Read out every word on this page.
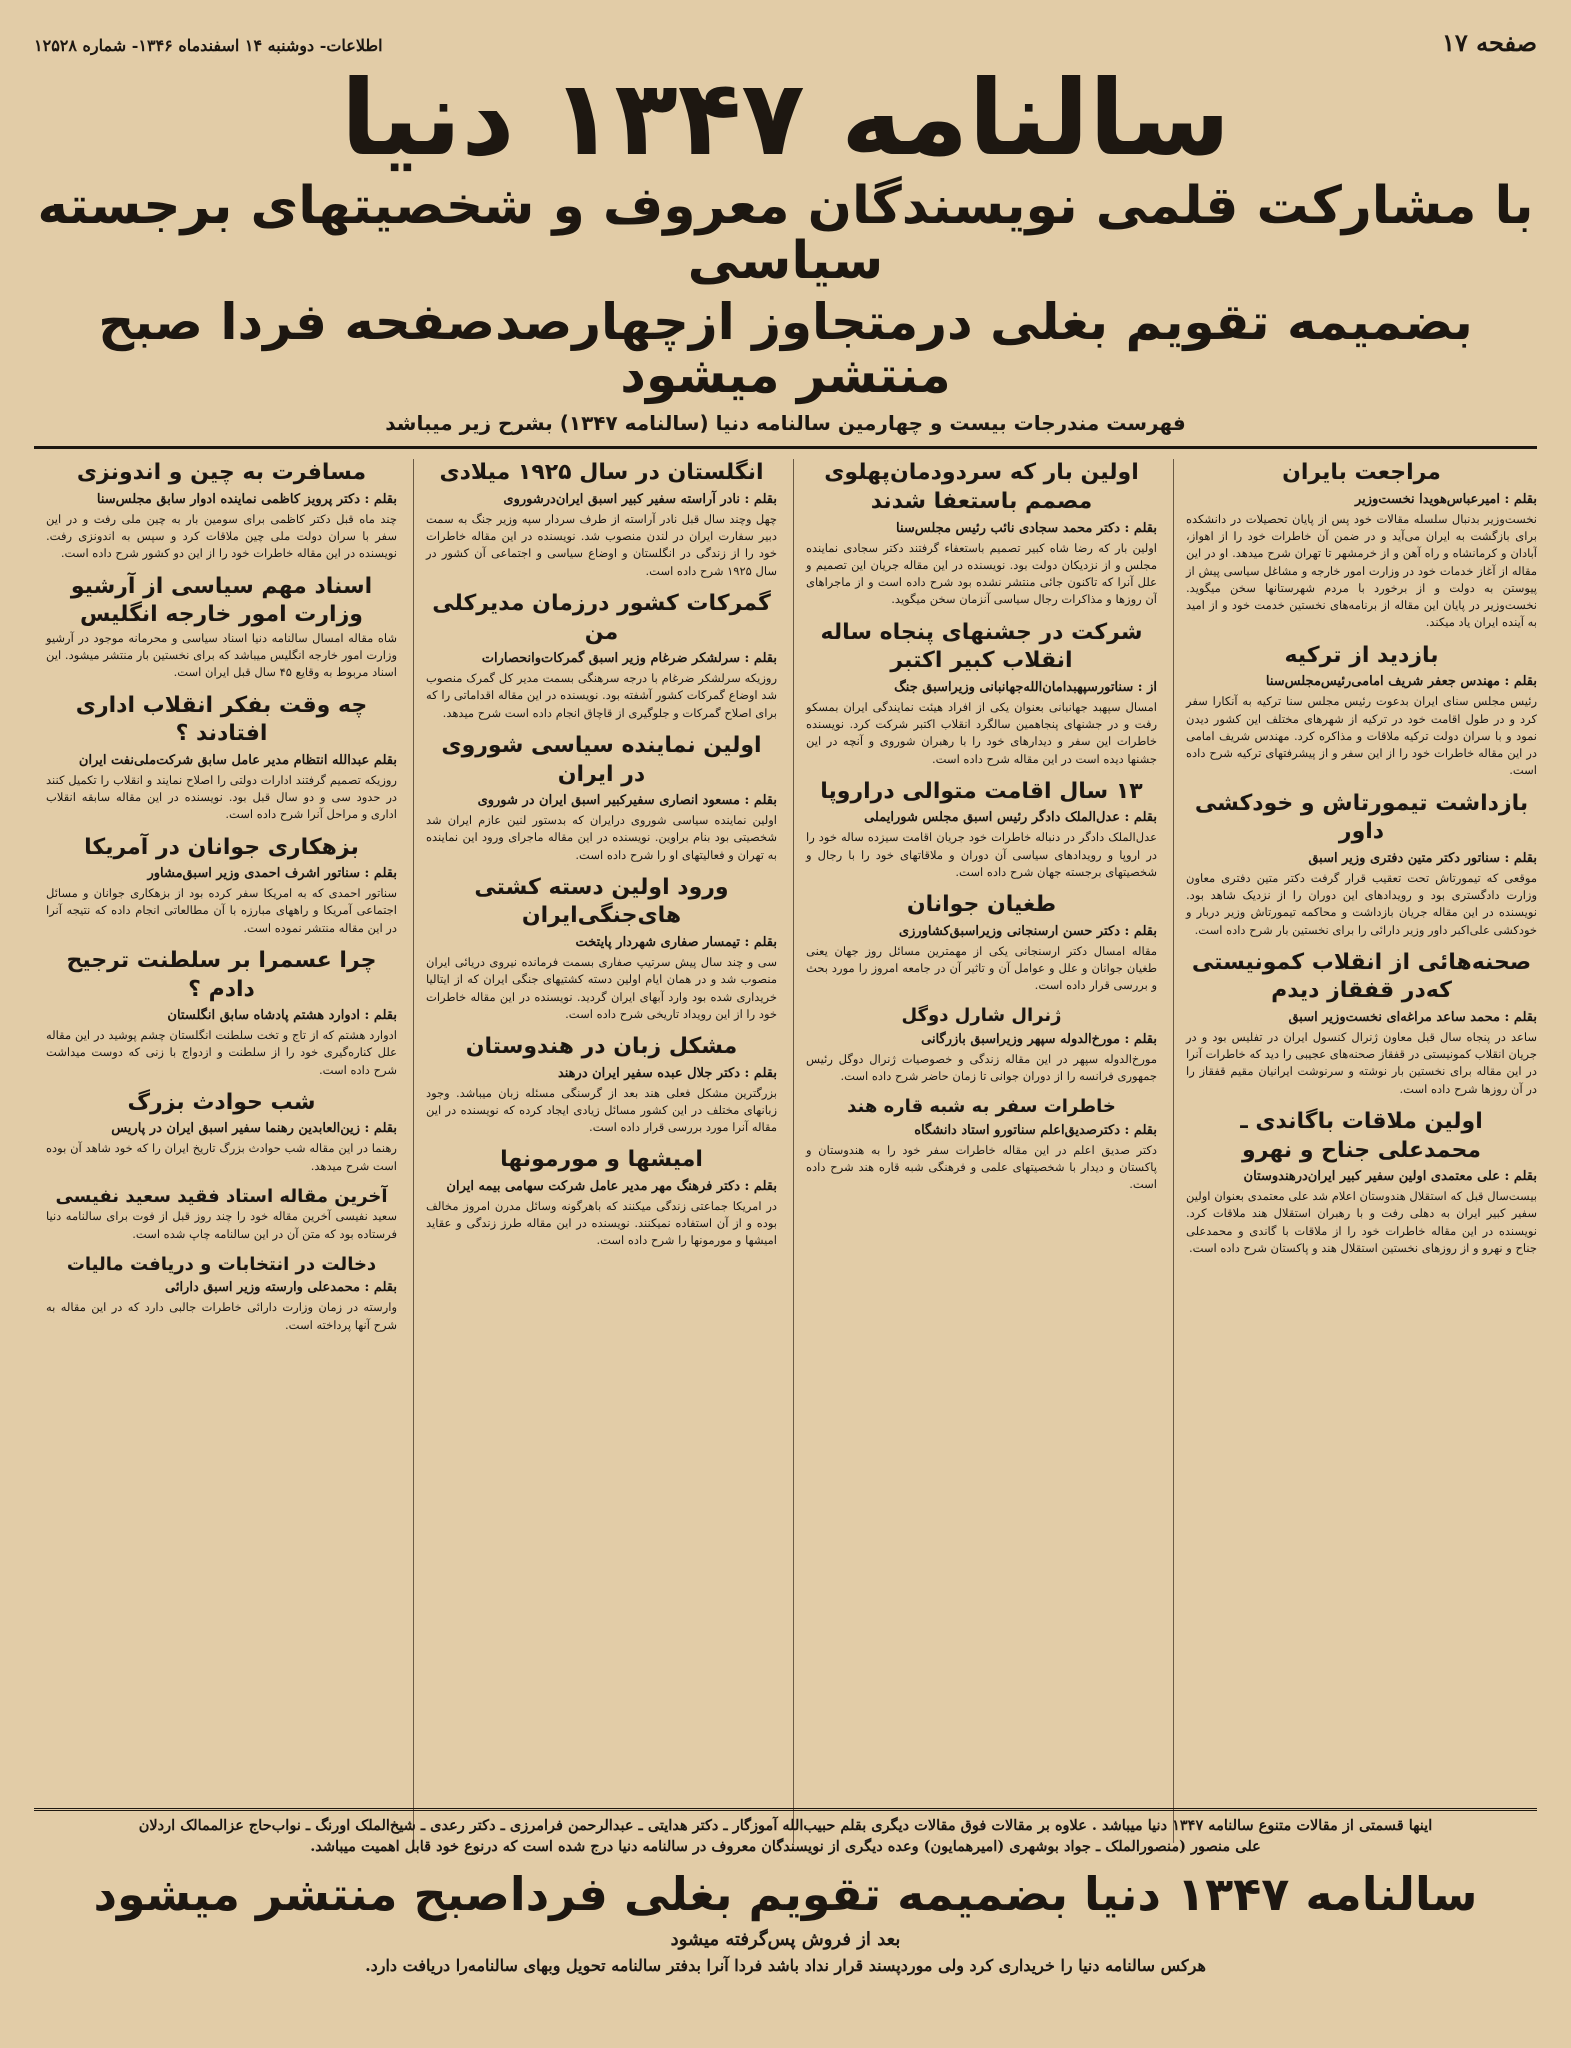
صفحه ۱۷
اطلاعات- دوشنبه ۱۴ اسفندماه ۱۳۴۶- شماره ۱۲۵۲۸
سالنامه ۱۳۴۷ دنیا
با مشارکت قلمی نویسندگان معروف و شخصیتهای برجسته سیاسی
بضمیمه تقویم بغلی درمتجاوز ازچهارصدصفحه فردا صبح منتشر میشود
فهرست مندرجات بیست و چهارمین سالنامه دنیا (سالنامه ۱۳۴۷) بشرح زیر میباشد
مراجعت بایران
بقلم : امیرعباس‌هویدا نخست‌وزیر
نخست‌وزیر بدنبال سلسله مقالات خود پس از پایان تحصیلات در دانشکده برای بازگشت به ایران می‌آید و در ضمن آن خاطرات خود را از اهواز، آبادان و کرمانشاه و راه آهن و از خرمشهر تا تهران شرح میدهد. او در این مقاله از آغاز خدمات خود در وزارت امور خارجه و مشاغل سیاسی پیش از پیوستن به دولت و از برخورد با مردم شهرستانها سخن میگوید. نخست‌وزیر در پایان این مقاله از برنامه‌های نخستین خدمت خود و از امید به آینده ایران یاد میکند.
بازدید از ترکیه
بقلم : مهندس جعفر شریف امامی‌رئیس‌مجلس‌سنا
رئیس مجلس سنای ایران بدعوت رئیس مجلس سنا ترکیه به آنکارا سفر کرد و در طول اقامت خود در ترکیه از شهرهای مختلف این کشور دیدن نمود و با سران دولت ترکیه ملاقات و مذاکره کرد. مهندس شریف امامی در این مقاله خاطرات خود را از این سفر و از پیشرفتهای ترکیه شرح داده است.
بازداشت تیمورتاش و خودکشی داور
بقلم : سناتور دکتر متین دفتری وزیر اسبق
موقعی که تیمورتاش تحت تعقیب قرار گرفت دکتر متین دفتری معاون وزارت دادگستری بود و رویدادهای این دوران را از نزدیک شاهد بود. نویسنده در این مقاله جریان بازداشت و محاکمه تیمورتاش وزیر دربار و خودکشی علی‌اکبر داور وزیر دارائی را برای نخستین بار شرح داده است.
صحنه‌هائی از انقلاب کمونیستی که‌در قفقاز دیدم
بقلم : محمد ساعد مراغه‌ای نخست‌وزیر اسبق
ساعد در پنجاه سال قبل معاون ژنرال کنسول ایران در تفلیس بود و در جریان انقلاب کمونیستی در قفقاز صحنه‌های عجیبی را دید که خاطرات آنرا در این مقاله برای نخستین بار نوشته و سرنوشت ایرانیان مقیم قفقاز را در آن روزها شرح داده است.
اولین ملاقات باگاندی ـ محمدعلی جناح و نهرو
بقلم : علی معتمدی اولین سفیر کبیر ایران‌درهندوستان
بیست‌سال قبل که استقلال هندوستان اعلام شد علی معتمدی بعنوان اولین سفیر کبیر ایران به دهلی رفت و با رهبران استقلال هند ملاقات کرد. نویسنده در این مقاله خاطرات خود را از ملاقات با گاندی و محمدعلی جناح و نهرو و از روزهای نخستین استقلال هند و پاکستان شرح داده است.
اولین بار که سردودمان‌پهلوی مصمم باستعفا شدند
بقلم : دکتر محمد سجادی نائب رئیس مجلس‌سنا
اولین بار که رضا شاه کبیر تصمیم باستعفاء گرفتند دکتر سجادی نماینده مجلس و از نزدیکان دولت بود. نویسنده در این مقاله جریان این تصمیم و علل آنرا که تاکنون جائی منتشر نشده بود شرح داده است و از ماجراهای آن روزها و مذاکرات رجال سیاسی آنزمان سخن میگوید.
شرکت در جشنهای پنجاه ساله انقلاب کبیر اکتبر
از : سناتورسپهبدامان‌الله‌جهانبانی وزیراسبق جنگ
امسال سپهبد جهانبانی بعنوان یکی از افراد هیئت نمایندگی ایران بمسکو رفت و در جشنهای پنجاهمین سالگرد انقلاب اکتبر شرکت کرد. نویسنده خاطرات این سفر و دیدارهای خود را با رهبران شوروی و آنچه در این جشنها دیده است در این مقاله شرح داده است.
۱۳ سال اقامت متوالی دراروپا
بقلم : عدل‌الملک دادگر رئیس اسبق مجلس شورایملی
عدل‌الملک دادگر در دنباله خاطرات خود جریان اقامت سیزده ساله خود را در اروپا و رویدادهای سیاسی آن دوران و ملاقاتهای خود را با رجال و شخصیتهای برجسته جهان شرح داده است.
طغیان جوانان
بقلم : دکتر حسن ارسنجانی وزیراسبق‌کشاورزی
مقاله امسال دکتر ارسنجانی یکی از مهمترین مسائل روز جهان یعنی طغیان جوانان و علل و عوامل آن و تاثیر آن در جامعه امروز را مورد بحث و بررسی قرار داده است.
ژنرال شارل دوگل
بقلم : مورخ‌الدوله سپهر وزیراسبق بازرگانی
مورخ‌الدوله سپهر در این مقاله زندگی و خصوصیات ژنرال دوگل رئیس جمهوری فرانسه را از دوران جوانی تا زمان حاضر شرح داده است.
خاطرات سفر به شبه قاره هند
بقلم : دکترصدیق‌اعلم سناتورو استاد دانشگاه
دکتر صدیق اعلم در این مقاله خاطرات سفر خود را به هندوستان و پاکستان و دیدار با شخصیتهای علمی و فرهنگی شبه قاره هند شرح داده است.
انگلستان در سال ۱۹۲۵ میلادی
بقلم : نادر آراسته سفیر کبیر اسبق ایران‌درشوروی
چهل وچند سال قبل نادر آراسته از طرف سردار سپه وزیر جنگ به سمت دبیر سفارت ایران در لندن منصوب شد. نویسنده در این مقاله خاطرات خود را از زندگی در انگلستان و اوضاع سیاسی و اجتماعی آن کشور در سال ۱۹۲۵ شرح داده است.
گمرکات کشور درزمان مدیرکلی من
بقلم : سرلشکر ضرغام وزیر اسبق گمرکات‌وانحصارات
روزیکه سرلشکر ضرغام با درجه سرهنگی بسمت مدیر کل گمرک منصوب شد اوضاع گمرکات کشور آشفته بود. نویسنده در این مقاله اقداماتی را که برای اصلاح گمرکات و جلوگیری از قاچاق انجام داده است شرح میدهد.
اولین نماینده سیاسی شوروی در ایران
بقلم : مسعود انصاری سفیرکبیر اسبق ایران در شوروی
اولین نماینده سیاسی شوروی درایران که بدستور لنین عازم ایران شد شخصیتی بود بنام براوین. نویسنده در این مقاله ماجرای ورود این نماینده به تهران و فعالیتهای او را شرح داده است.
ورود اولین دسته کشتی های‌جنگی‌ایران
بقلم : تیمسار صفاری شهردار پایتخت
سی و چند سال پیش سرتیپ صفاری بسمت فرمانده نیروی دریائی ایران منصوب شد و در همان ایام اولین دسته کشتیهای جنگی ایران که از ایتالیا خریداری شده بود وارد آبهای ایران گردید. نویسنده در این مقاله خاطرات خود را از این رویداد تاریخی شرح داده است.
مشکل زبان در هندوستان
بقلم : دکتر جلال عبده سفیر ایران درهند
بزرگترین مشکل فعلی هند بعد از گرسنگی مسئله زبان میباشد. وجود زبانهای مختلف در این کشور مسائل زیادی ایجاد کرده که نویسنده در این مقاله آنرا مورد بررسی قرار داده است.
امیشها و مورمونها
بقلم : دکتر فرهنگ مهر مدیر عامل شرکت سهامی بیمه ایران
در امریکا جماعتی زندگی میکنند که باهرگونه وسائل مدرن امروز مخالف بوده و از آن استفاده نمیکنند. نویسنده در این مقاله طرز زندگی و عقاید امیشها و مورمونها را شرح داده است.
مسافرت به چین و اندونزی
بقلم : دکتر پرویز کاظمی نماینده ادوار سابق مجلس‌سنا
چند ماه قبل دکتر کاظمی برای سومین بار به چین ملی رفت و در این سفر با سران دولت ملی چین ملاقات کرد و سپس به اندونزی رفت. نویسنده در این مقاله خاطرات خود را از این دو کشور شرح داده است.
اسناد مهم سیاسی از آرشیو وزارت امور خارجه انگلیس
شاه مقاله امسال سالنامه دنیا اسناد سیاسی و محرمانه موجود در آرشیو وزارت امور خارجه انگلیس میباشد که برای نخستین بار منتشر میشود. این اسناد مربوط به وقایع ۴۵ سال قبل ایران است.
چه وقت بفکر انقلاب اداری افتادند ؟
بقلم عبدالله انتظام مدیر عامل سابق شرکت‌ملی‌نفت ایران
روزیکه تصمیم گرفتند ادارات دولتی را اصلاح نمایند و انقلاب را تکمیل کنند در حدود سی و دو سال قبل بود. نویسنده در این مقاله سابقه انقلاب اداری و مراحل آنرا شرح داده است.
بزهکاری جوانان در آمریکا
بقلم : سناتور اشرف احمدی وزیر اسبق‌مشاور
سناتور احمدی که به امریکا سفر کرده بود از بزهکاری جوانان و مسائل اجتماعی آمریکا و راههای مبارزه با آن مطالعاتی انجام داده که نتیجه آنرا در این مقاله منتشر نموده است.
چرا عسمرا بر سلطنت ترجیح دادم ؟
بقلم : ادوارد هشتم پادشاه سابق انگلستان
ادوارد هشتم که از تاج و تخت سلطنت انگلستان چشم پوشید در این مقاله علل کناره‌گیری خود را از سلطنت و ازدواج با زنی که دوست میداشت شرح داده است.
شب حوادث بزرگ
بقلم : زین‌العابدین رهنما سفیر اسبق ایران در پاریس
رهنما در این مقاله شب حوادث بزرگ تاریخ ایران را که خود شاهد آن بوده است شرح میدهد.
آخرین مقاله استاد فقید سعید نفیسی
سعید نفیسی آخرین مقاله خود را چند روز قبل از فوت برای سالنامه دنیا فرستاده بود که متن آن در این سالنامه چاپ شده است.
دخالت در انتخابات و دریافت مالیات
بقلم : محمدعلی وارسته وزیر اسبق دارائی
وارسته در زمان وزارت دارائی خاطرات جالبی دارد که در این مقاله به شرح آنها پرداخته است.
اینها قسمتی از مقالات متنوع سالنامه ۱۳۴۷ دنیا میباشد . علاوه بر مقالات فوق مقالات دیگری بقلم حبیب‌الله آموزگار ـ دکتر هدایتی ـ عبدالرحمن فرامرزی ـ دکتر رعدی ـ شیخ‌الملک اورنگ ـ نواب‌حاج عزالممالک اردلان
علی منصور (منصورالملک ـ جواد بوشهری (امیرهمایون) وعده دیگری از نویسندگان معروف در سالنامه دنیا درج شده است که درنوع خود قابل اهمیت میباشد.
سالنامه ۱۳۴۷ دنیا بضمیمه تقویم بغلی فرداصبح منتشر میشود
بعد از فروش پس‌گرفته میشود
هرکس سالنامه دنیا را خریداری کرد ولی موردپسند قرار نداد باشد فردا آنرا بدفتر سالنامه تحویل وبهای سالنامه‌را دریافت دارد.
